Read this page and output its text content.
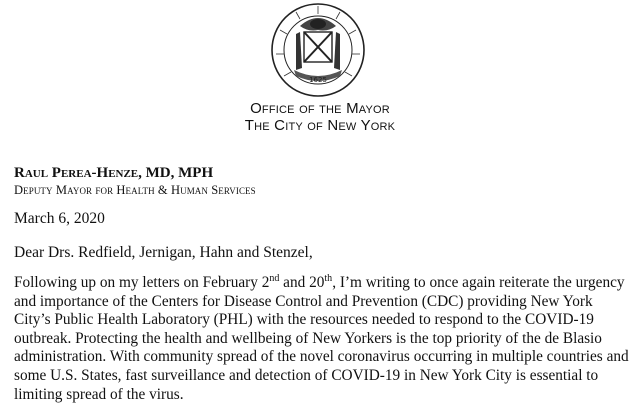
1625
Office of the Mayor
The City of New York
Raul Perea-Henze, MD, MPH
Deputy Mayor for Health & Human Services
March 6, 2020
Dear Drs. Redfield, Jernigan, Hahn and Stenzel,
Following up on my letters on February 2nd and 20th, I’m writing to once again reiterate the urgency and importance of the Centers for Disease Control and Prevention (CDC) providing New York City’s Public Health Laboratory (PHL) with the resources needed to respond to the COVID-19 outbreak. Protecting the health and wellbeing of New Yorkers is the top priority of the de Blasio administration. With community spread of the novel coronavirus occurring in multiple countries and some U.S. States, fast surveillance and detection of COVID-19 in New York City is essential to limiting spread of the virus.
